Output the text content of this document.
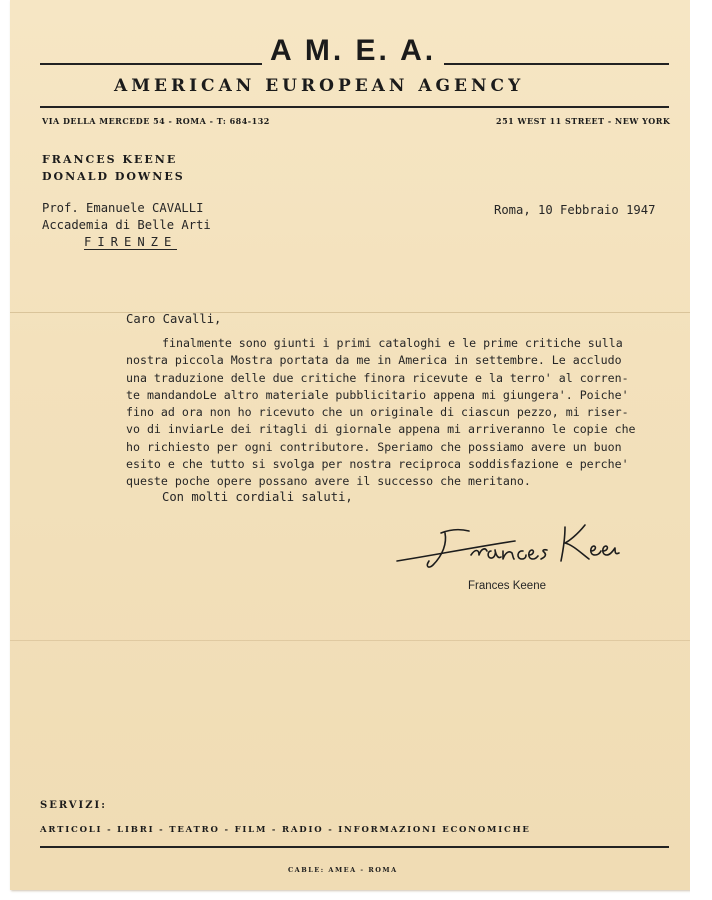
A M. E. A.
AMERICAN EUROPEAN AGENCY
VIA DELLA MERCEDE 54 - ROMA - T: 684-132	251 WEST 11 STREET - NEW YORK
FRANCES KEENE
DONALD DOWNES
Prof. Emanuele CAVALLI
Accademia di Belle Arti
FIRENZE
Roma, 10 Febbraio 1947
Caro Cavalli,
finalmente sono giunti i primi cataloghi e le prime critiche sulla
nostra piccola Mostra portata da me in America in settembre. Le accludo
una traduzione delle due critiche finora ricevute e la terro' al corren-
te mandandoLe altro materiale pubblicitario appena mi giungera'. Poiche'
fino ad ora non ho ricevuto che un originale di ciascun pezzo, mi riser-
vo di inviarLe dei ritagli di giornale appena mi arriveranno le copie che
ho richiesto per ogni contributore. Speriamo che possiamo avere un buon
esito e che tutto si svolga per nostra reciproca soddisfazione e perche'
queste poche opere possano avere il successo che meritano.
Con molti cordiali saluti,
Frances Keene
SERVIZI:
ARTICOLI - LIBRI - TEATRO - FILM - RADIO - INFORMAZIONI ECONOMICHE
CABLE: AMEA - ROMA
